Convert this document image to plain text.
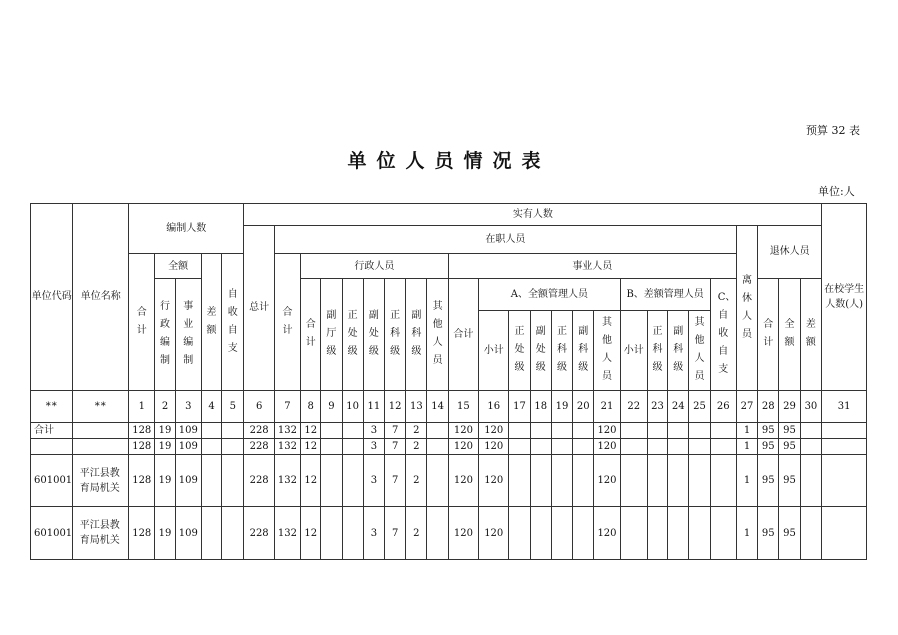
预算 32 表
单位人员情况表
单位:人
单位代码	单位名称	编制人数					实有人数																									在校学生人数(人)
							总计	在职人员																				离休人员	退休人员			
		合计	全额		差额	自收自支		合计	行政人员							事业人员																
			行政编制	事业编制					合计	副厅级	正处级	副处级	正科级	副科级	其他人员	合计	A、全额管理人员						B、差额管理人员				C、自收自支		合计	全额	差额	
																	小计	正处级	副处级	正科级	副科级	其他人员	小计	正科级	副科级	其他人员						

**	**	1	2	3	4	5	6	7	8	9	10	11	12	13	14	15	16	17	18	19	20	21	22	23	24	25	26	27	28	29	30	31
合计		128	19	109			228	132	12			3	7	2		120	120					120						1	95	95		
		128	19	109			228	132	12			3	7	2		120	120					120						1	95	95		
601001	平江县教育局机关	128	19	109			228	132	12			3	7	2		120	120					120						1	95	95		
601001	平江县教育局机关	128	19	109			228	132	12			3	7	2		120	120					120						1	95	95		
